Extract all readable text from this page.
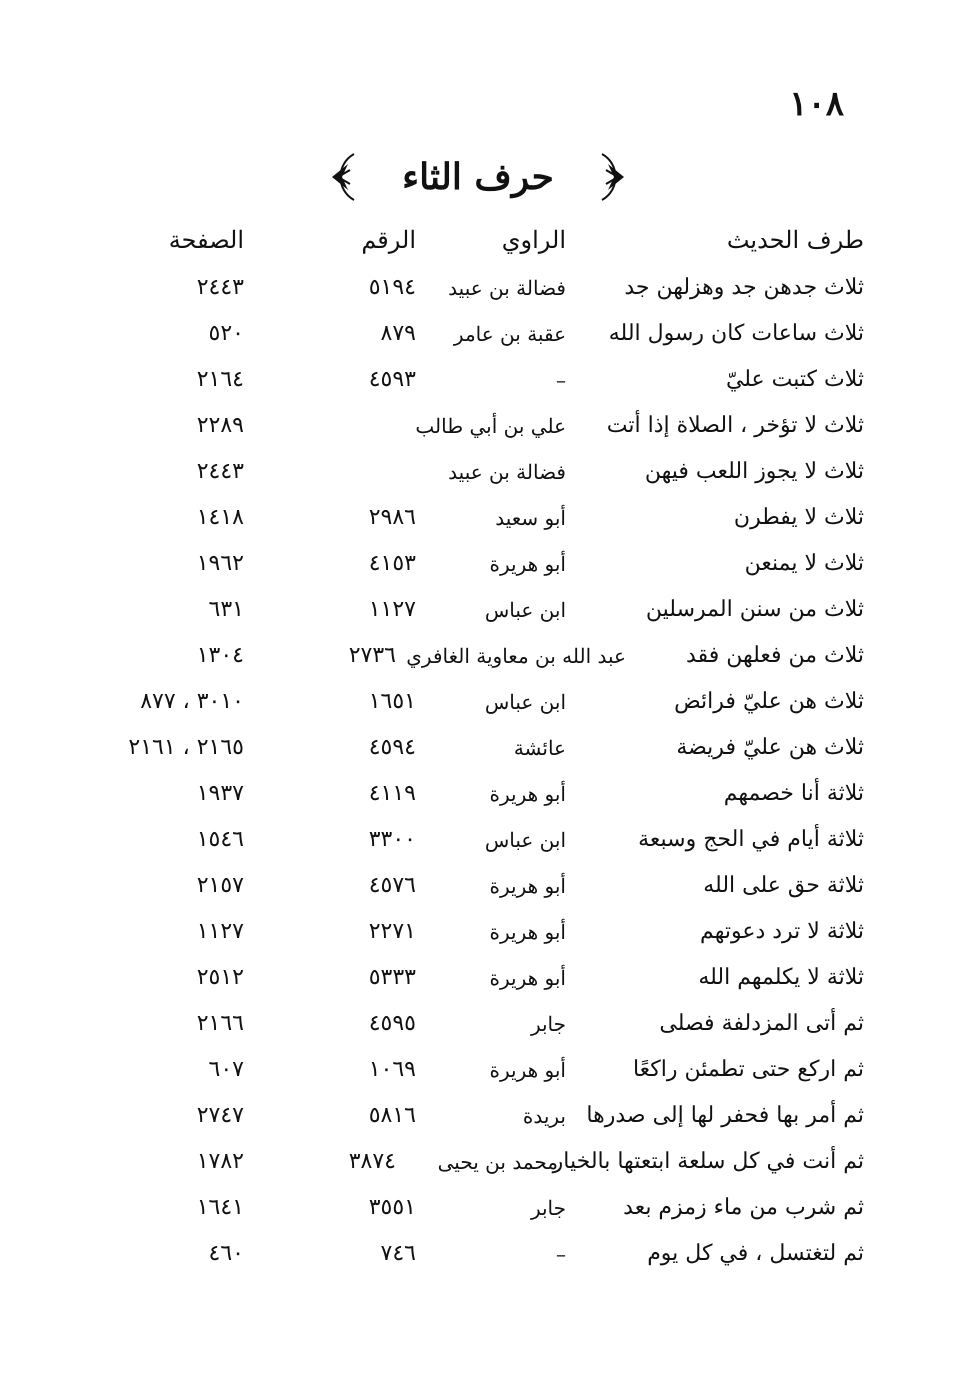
١٠٨
حرف الثاء
طرف الحديث
الراوي
الرقم
الصفحة
ثلاث جدهن جد وهزلهن جد
فضالة بن عبيد
٥١٩٤
٢٤٤٣
ثلاث ساعات كان رسول الله
عقبة بن عامر
٨٧٩
٥٢٠
ثلاث كتبت عليّ
–
٤٥٩٣
٢١٦٤
ثلاث لا تؤخر ، الصلاة إذا أتت
علي بن أبي طالب
٢٢٨٩
ثلاث لا يجوز اللعب فيهن
فضالة بن عبيد
٢٤٤٣
ثلاث لا يفطرن
أبو سعيد
٢٩٨٦
١٤١٨
ثلاث لا يمنعن
أبو هريرة
٤١٥٣
١٩٦٢
ثلاث من سنن المرسلين
ابن عباس
١١٢٧
٦٣١
ثلاث من فعلهن فقد
عبد الله بن معاوية الغافري
٢٧٣٦
١٣٠٤
ثلاث هن عليّ فرائض
ابن عباس
١٦٥١
٣٠١٠ ، ٨٧٧
ثلاث هن عليّ فريضة
عائشة
٤٥٩٤
٢١٦٥ ، ٢١٦١
ثلاثة أنا خصمهم
أبو هريرة
٤١١٩
١٩٣٧
ثلاثة أيام في الحج وسبعة
ابن عباس
٣٣٠٠
١٥٤٦
ثلاثة حق على الله
أبو هريرة
٤٥٧٦
٢١٥٧
ثلاثة لا ترد دعوتهم
أبو هريرة
٢٢٧١
١١٢٧
ثلاثة لا يكلمهم الله
أبو هريرة
٥٣٣٣
٢٥١٢
ثم أتى المزدلفة فصلى
جابر
٤٥٩٥
٢١٦٦
ثم اركع حتى تطمئن راكعًا
أبو هريرة
١٠٦٩
٦٠٧
ثم أمر بها فحفر لها إلى صدرها
بريدة
٥٨١٦
٢٧٤٧
ثم أنت في كل سلعة ابتعتها بالخيار
محمد بن يحيى
٣٨٧٤
١٧٨٢
ثم شرب من ماء زمزم بعد
جابر
٣٥٥١
١٦٤١
ثم لتغتسل ، في كل يوم
–
٧٤٦
٤٦٠
